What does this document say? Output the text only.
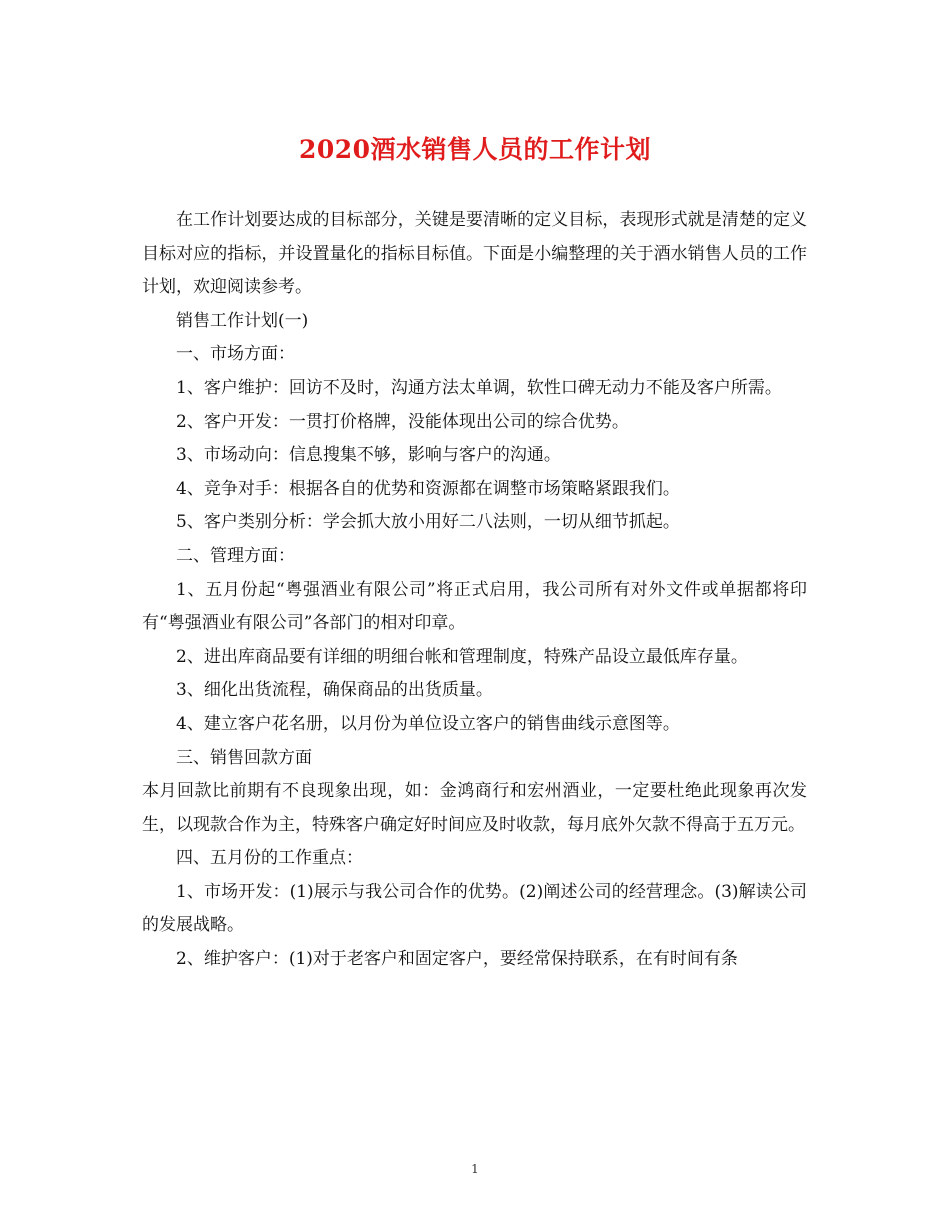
2020酒水销售人员的工作计划

在工作计划要达成的目标部分，关键是要清晰的定义目标，表现形式就是清楚的定义目标对应的指标，并设置量化的指标目标值。下面是小编整理的关于酒水销售人员的工作计划，欢迎阅读参考。

销售工作计划(一)

一、市场方面：

1、客户维护：回访不及时，沟通方法太单调，软性口碑无动力不能及客户所需。

2、客户开发：一贯打价格牌，没能体现出公司的综合优势。

3、市场动向：信息搜集不够，影响与客户的沟通。

4、竞争对手：根据各自的优势和资源都在调整市场策略紧跟我们。

5、客户类别分析：学会抓大放小用好二八法则，一切从细节抓起。

二、管理方面：

1、五月份起“粤强酒业有限公司”将正式启用，我公司所有对外文件或单据都将印有“粤强酒业有限公司”各部门的相对印章。

2、进出库商品要有详细的明细台帐和管理制度，特殊产品设立最低库存量。

3、细化出货流程，确保商品的出货质量。

4、建立客户花名册，以月份为单位设立客户的销售曲线示意图等。

三、销售回款方面

本月回款比前期有不良现象出现，如：金鸿商行和宏州酒业，一定要杜绝此现象再次发生，以现款合作为主，特殊客户确定好时间应及时收款，每月底外欠款不得高于五万元。

四、五月份的工作重点：

1、市场开发：(1)展示与我公司合作的优势。(2)阐述公司的经营理念。(3)解读公司的发展战略。

2、维护客户：(1)对于老客户和固定客户，要经常保持联系，在有时间有条

1
